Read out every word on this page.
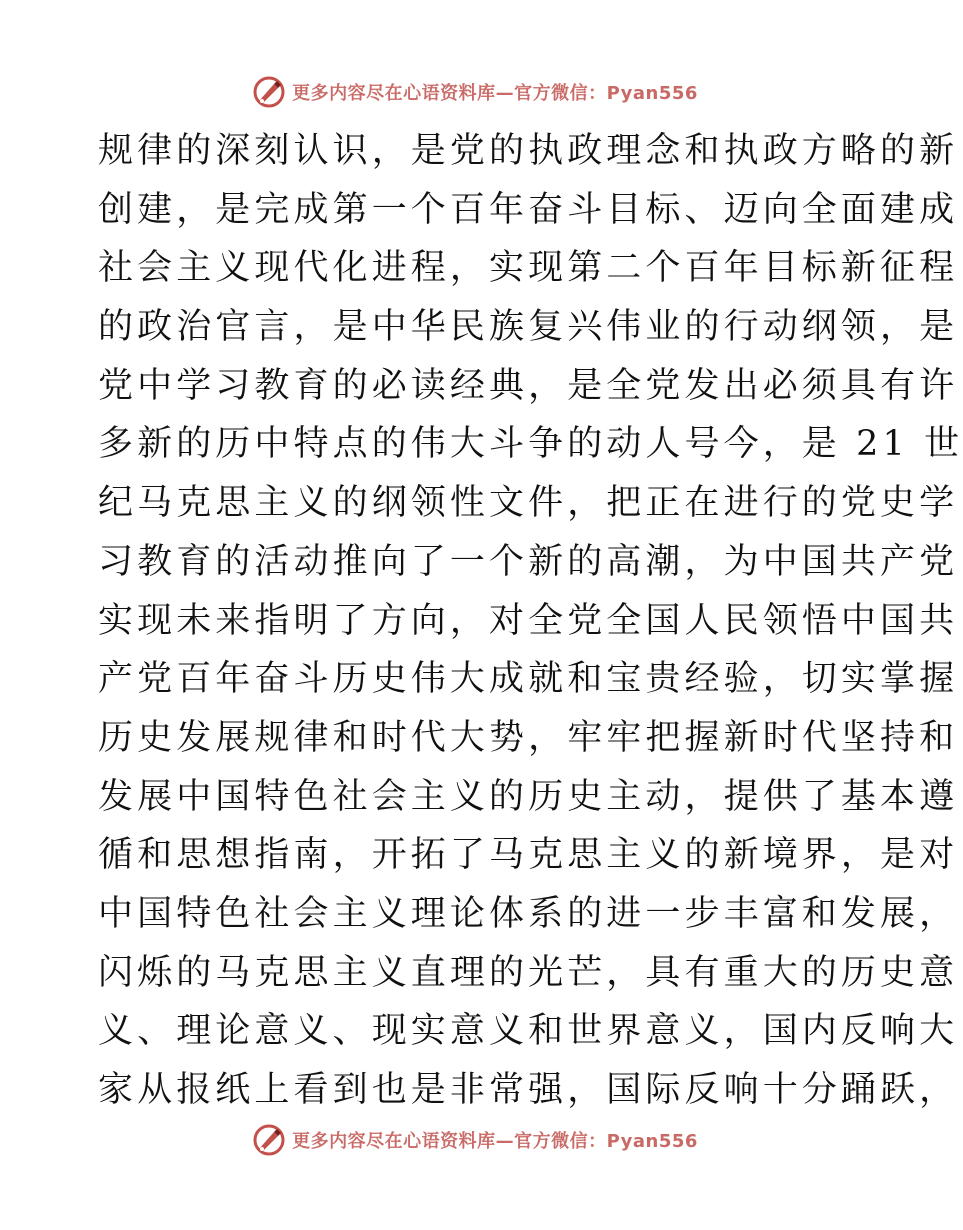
更多内容尽在心语资料库—官方微信：Pyan556
规律的深刻认识，是党的执政理念和执政方略的新
创建，是完成第一个百年奋斗目标、迈向全面建成
社会主义现代化进程，实现第二个百年目标新征程
的政治官言，是中华民族复兴伟业的行动纲领，是
党中学习教育的必读经典，是全党发出必须具有许
多新的历中特点的伟大斗争的动人号今，是 21 世
纪马克思主义的纲领性文件，把正在进行的党史学
习教育的活动推向了一个新的高潮，为中国共产党
实现未来指明了方向，对全党全国人民领悟中国共
产党百年奋斗历史伟大成就和宝贵经验，切实掌握
历史发展规律和时代大势，牢牢把握新时代坚持和
发展中国特色社会主义的历史主动，提供了基本遵
循和思想指南，开拓了马克思主义的新境界，是对
中国特色社会主义理论体系的进一步丰富和发展，
闪烁的马克思主义直理的光芒，具有重大的历史意
义、理论意义、现实意义和世界意义，国内反响大
家从报纸上看到也是非常强，国际反响十分踊跃，
更多内容尽在心语资料库—官方微信：Pyan556
